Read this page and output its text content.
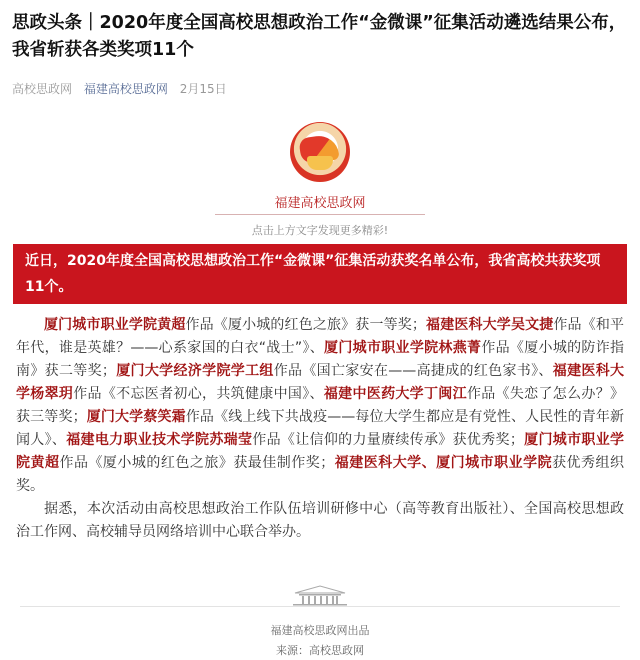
思政头条｜2020年度全国高校思想政治工作“金微课”征集活动遴选结果公布，我省斩获各类奖项11个
高校思政网 福建高校思政网 2月15日
福建高校思政网
点击上方文字发现更多精彩!
近日，2020年度全国高校思想政治工作“金微课”征集活动获奖名单公布，我省高校共获奖项11个。

厦门城市职业学院黄超作品《厦小城的红色之旅》获一等奖；福建医科大学吴文捷作品《和平年代，谁是英雄？——心系家国的白衣“战士”》、厦门城市职业学院林燕菁作品《厦小城的防诈指南》获二等奖；厦门大学经济学院学工组作品《国亡家安在——高捷成的红色家书》、福建医科大学杨翠玥作品《不忘医者初心，共筑健康中国》、福建中医药大学丁闽江作品《失恋了怎么办？》获三等奖；厦门大学蔡笑霜作品《线上线下共战疫——每位大学生都应是有党性、人民性的青年新闻人》、福建电力职业技术学院苏瑞莹作品《让信仰的力量赓续传承》获优秀奖；厦门城市职业学院黄超作品《厦小城的红色之旅》获最佳制作奖；福建医科大学、厦门城市职业学院获优秀组织奖。

据悉，本次活动由高校思想政治工作队伍培训研修中心（高等教育出版社）、全国高校思想政治工作网、高校辅导员网络培训中心联合举办。

福建高校思政网出品
来源：高校思政网
